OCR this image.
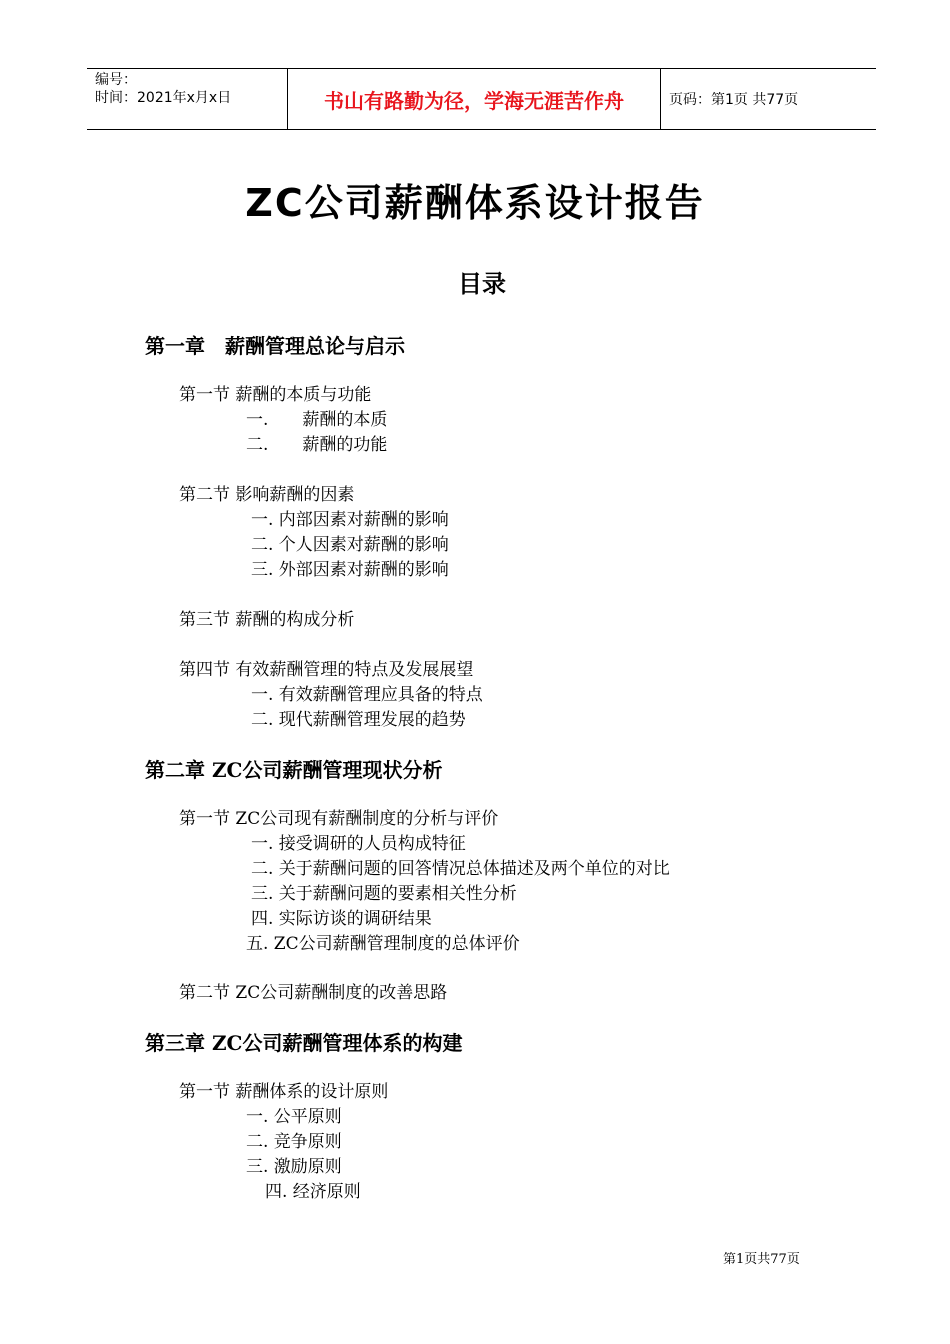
编号：
时间：2021年x月x日	书山有路勤为径，学海无涯苦作舟	页码：第1页 共77页
ZC公司薪酬体系设计报告
目录
第一章　薪酬管理总论与启示
第一节 薪酬的本质与功能
一.　　薪酬的本质
二.　　薪酬的功能
第二节 影响薪酬的因素
一. 内部因素对薪酬的影响
二. 个人因素对薪酬的影响
三. 外部因素对薪酬的影响
第三节 薪酬的构成分析
第四节 有效薪酬管理的特点及发展展望
一. 有效薪酬管理应具备的特点
二. 现代薪酬管理发展的趋势
第二章 ZC公司薪酬管理现状分析
第一节 ZC公司现有薪酬制度的分析与评价
一. 接受调研的人员构成特征
二. 关于薪酬问题的回答情况总体描述及两个单位的对比
三. 关于薪酬问题的要素相关性分析
四. 实际访谈的调研结果
五. ZC公司薪酬管理制度的总体评价
第二节 ZC公司薪酬制度的改善思路
第三章 ZC公司薪酬管理体系的构建
第一节 薪酬体系的设计原则
一. 公平原则
二. 竞争原则
三. 激励原则
四. 经济原则
第1页共77页
